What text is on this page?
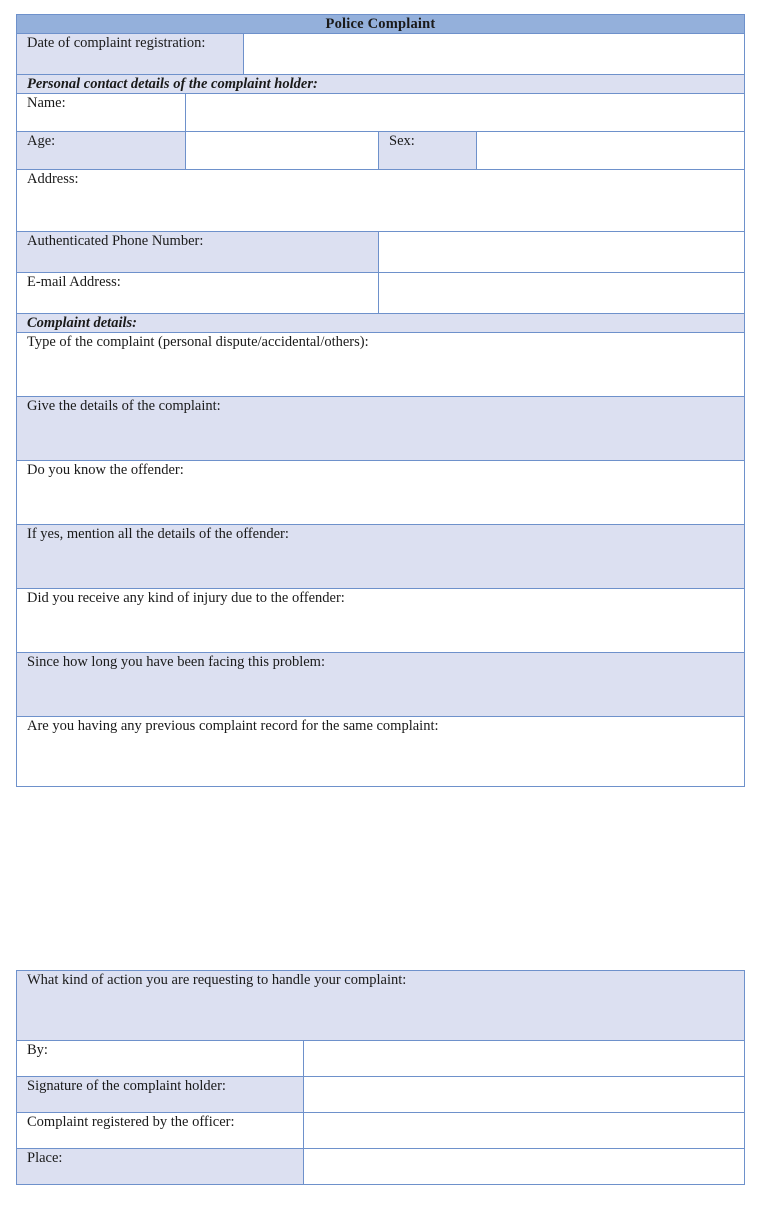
Police Complaint				
Date of complaint registration:				
Personal contact details of the complaint holder:				
Name:				
Age:			Sex:	

Address:				

Authenticated Phone Number:				
E-mail Address:				
Complaint details:				

Type of the complaint (personal dispute/accidental/others):				

Give the details of the complaint:				

Do you know the offender:				

If yes, mention all the details of the offender:				

Did you receive any kind of injury due to the offender:				

Since how long you have been facing this problem:				

Are you having any previous complaint record for the same complaint:				
What kind of action you are requesting to handle your complaint:	

By:	
Signature of the complaint holder:	
Complaint registered by the officer:	
Place:	
